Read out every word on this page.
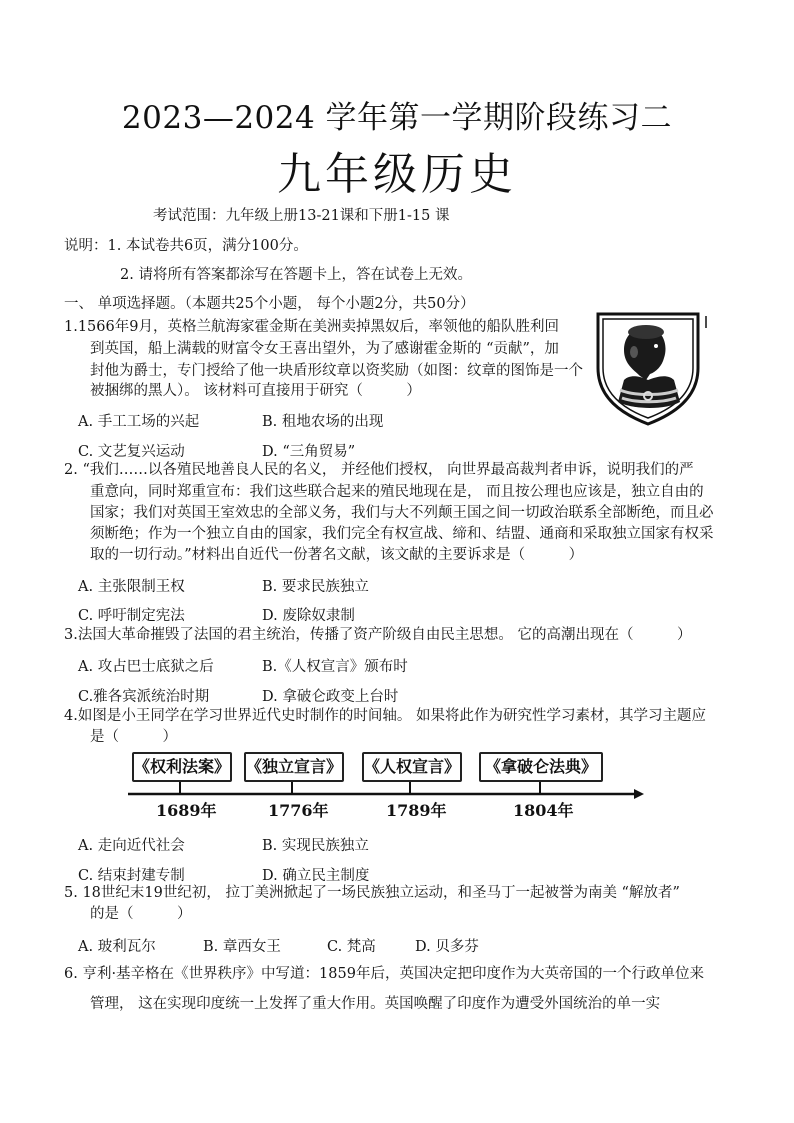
2023—2024 学年第一学期阶段练习二
九年级历史
考试范围：九年级上册13-21课和下册1-15 课
说明：1. 本试卷共6页，满分100分。
2. 请将所有答案都涂写在答题卡上，答在试卷上无效。
一、 单项选择题。（本题共25个小题， 每个小题2分，共50分）
1.1566年9月，英格兰航海家霍金斯在美洲卖掉黑奴后，率领他的船队胜利回
到英国，船上满载的财富令女王喜出望外，为了感谢霍金斯的 “贡献”，加
封他为爵士，专门授给了他一块盾形纹章以资奖励（如图：纹章的图饰是一个
被捆绑的黑人）。 该材料可直接用于研究（　　　）
A. 手工工场的兴起	B. 租地农场的出现
C. 文艺复兴运动	D. “三角贸易”
2. “我们……以各殖民地善良人民的名义， 并经他们授权， 向世界最高裁判者申诉，说明我们的严
重意向，同时郑重宣布：我们这些联合起来的殖民地现在是， 而且按公理也应该是，独立自由的
国家；我们对英国王室效忠的全部义务，我们与大不列颠王国之间一切政治联系全部断绝，而且必
须断绝；作为一个独立自由的国家，我们完全有权宣战、缔和、结盟、通商和采取独立国家有权采
取的一切行动。”材料出自近代一份著名文献，该文献的主要诉求是（　　　）
A. 主张限制王权	B. 要求民族独立
C. 呼吁制定宪法	D. 废除奴隶制
3.法国大革命摧毁了法国的君主统治，传播了资产阶级自由民主思想。 它的高潮出现在（　　　）
A. 攻占巴士底狱之后	B.《人权宣言》颁布时
C.雅各宾派统治时期	D. 拿破仑政变上台时
4.如图是小王同学在学习世界近代史时制作的时间轴。 如果将此作为研究性学习素材，其学习主题应
是（　　　）
《权利法案》 《独立宣言》 《人权宣言》	《拿破仑法典》
1689年	1776年	1789年	1804年
A. 走向近代社会	B. 实现民族独立
C. 结束封建专制	D. 确立民主制度
5. 18世纪末19世纪初， 拉丁美洲掀起了一场民族独立运动，和圣马丁一起被誉为南美 “解放者”
的是（　　　）
A. 玻利瓦尔	B. 章西女王	C. 梵高	D. 贝多芬
6. 亨利·基辛格在《世界秩序》中写道：1859年后，英国决定把印度作为大英帝国的一个行政单位来
管理， 这在实现印度统一上发挥了重大作用。英国唤醒了印度作为遭受外国统治的单一实
